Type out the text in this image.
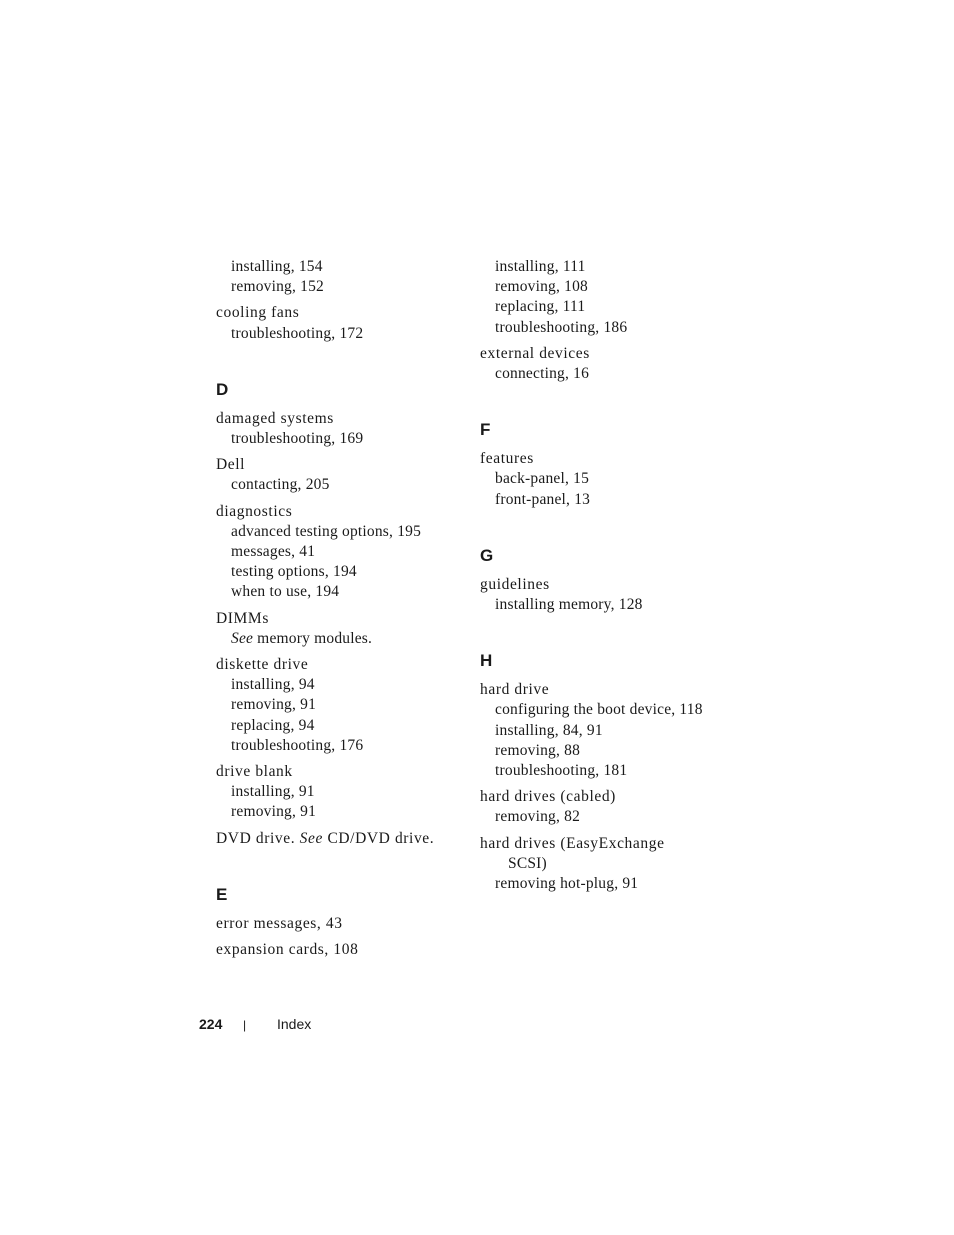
installing, 154
removing, 152
cooling fans
troubleshooting, 172
D
damaged systems
troubleshooting, 169
Dell
contacting, 205
diagnostics
advanced testing options, 195
messages, 41
testing options, 194
when to use, 194
DIMMs
See memory modules.
diskette drive
installing, 94
removing, 91
replacing, 94
troubleshooting, 176
drive blank
installing, 91
removing, 91
DVD drive. See CD/DVD drive.
E
error messages, 43
expansion cards, 108
installing, 111
removing, 108
replacing, 111
troubleshooting, 186
external devices
connecting, 16
F
features
back-panel, 15
front-panel, 13
G
guidelines
installing memory, 128
H
hard drive
configuring the boot device, 118
installing, 84, 91
removing, 88
troubleshooting, 181
hard drives (cabled)
removing, 82
hard drives (EasyExchange
SCSI)
removing hot-plug, 91
224 | Index
